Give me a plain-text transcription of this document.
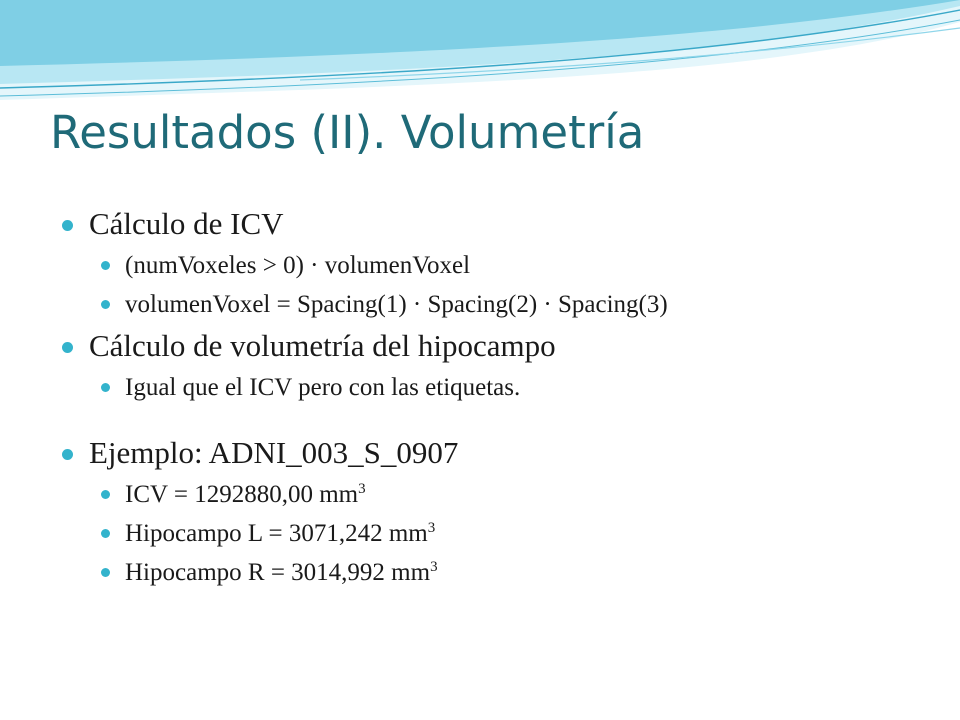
Resultados (II). Volumetría
Cálculo de ICV
(numVoxeles > 0) · volumenVoxel
volumenVoxel = Spacing(1) · Spacing(2) · Spacing(3)
Cálculo de volumetría del hipocampo
Igual que el ICV pero con las etiquetas.
Ejemplo: ADNI_003_S_0907
ICV = 1292880,00 $mm^3$
Hipocampo L = 3071,242 $mm^3$
Hipocampo R = 3014,992 $mm^3$
